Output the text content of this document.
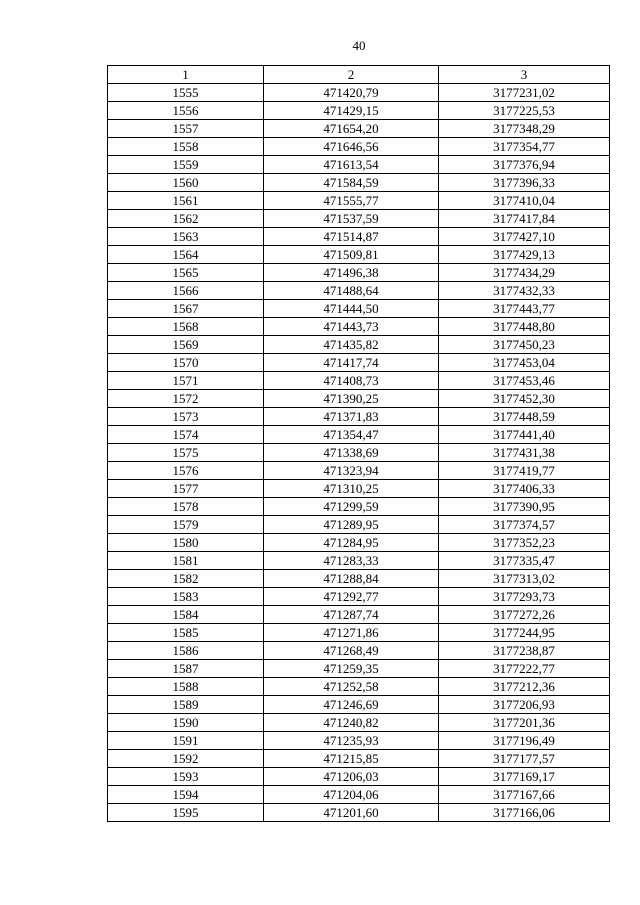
40
1	2	3
1555	471420,79	3177231,02
1556	471429,15	3177225,53
1557	471654,20	3177348,29
1558	471646,56	3177354,77
1559	471613,54	3177376,94
1560	471584,59	3177396,33
1561	471555,77	3177410,04
1562	471537,59	3177417,84
1563	471514,87	3177427,10
1564	471509,81	3177429,13
1565	471496,38	3177434,29
1566	471488,64	3177432,33
1567	471444,50	3177443,77
1568	471443,73	3177448,80
1569	471435,82	3177450,23
1570	471417,74	3177453,04
1571	471408,73	3177453,46
1572	471390,25	3177452,30
1573	471371,83	3177448,59
1574	471354,47	3177441,40
1575	471338,69	3177431,38
1576	471323,94	3177419,77
1577	471310,25	3177406,33
1578	471299,59	3177390,95
1579	471289,95	3177374,57
1580	471284,95	3177352,23
1581	471283,33	3177335,47
1582	471288,84	3177313,02
1583	471292,77	3177293,73
1584	471287,74	3177272,26
1585	471271,86	3177244,95
1586	471268,49	3177238,87
1587	471259,35	3177222,77
1588	471252,58	3177212,36
1589	471246,69	3177206,93
1590	471240,82	3177201,36
1591	471235,93	3177196,49
1592	471215,85	3177177,57
1593	471206,03	3177169,17
1594	471204,06	3177167,66
1595	471201,60	3177166,06
